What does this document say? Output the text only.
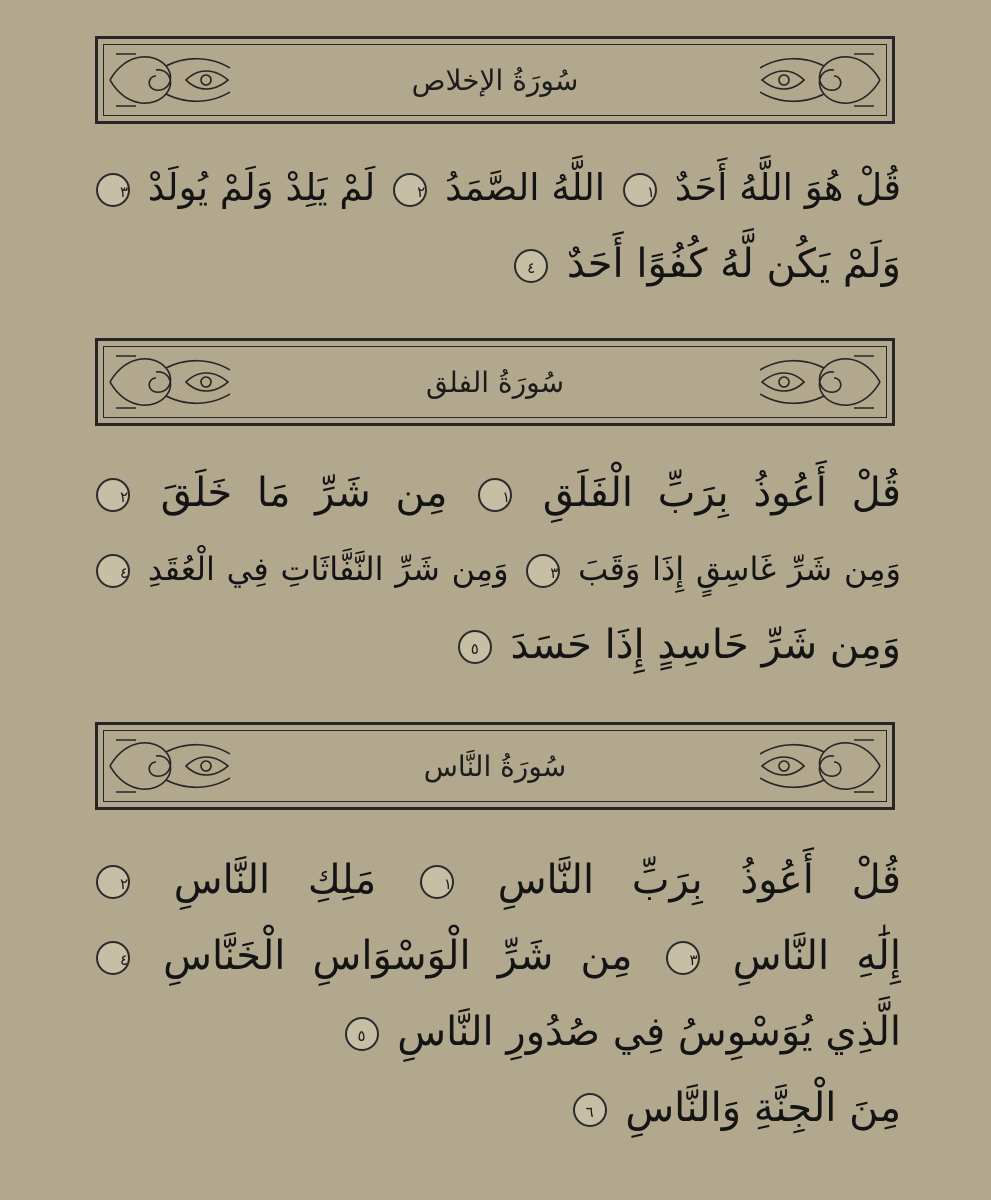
سُورَةُ الإخلاص
قُلْ هُوَ اللَّهُ أَحَدٌ ١ اللَّهُ الصَّمَدُ ٢ لَمْ يَلِدْ وَلَمْ يُولَدْ ٣
وَلَمْ يَكُن لَّهُ كُفُوًا أَحَدٌ ٤
سُورَةُ الفلق
قُلْ أَعُوذُ بِرَبِّ الْفَلَقِ ١ مِن شَرِّ مَا خَلَقَ ٢
وَمِن شَرِّ غَاسِقٍ إِذَا وَقَبَ ٣ وَمِن شَرِّ النَّفَّاثَاتِ فِي الْعُقَدِ ٤
وَمِن شَرِّ حَاسِدٍ إِذَا حَسَدَ ٥
سُورَةُ النَّاس
قُلْ أَعُوذُ بِرَبِّ النَّاسِ ١ مَلِكِ النَّاسِ ٢
إِلَٰهِ النَّاسِ ٣ مِن شَرِّ الْوَسْوَاسِ الْخَنَّاسِ ٤
الَّذِي يُوَسْوِسُ فِي صُدُورِ النَّاسِ ٥
مِنَ الْجِنَّةِ وَالنَّاسِ ٦
